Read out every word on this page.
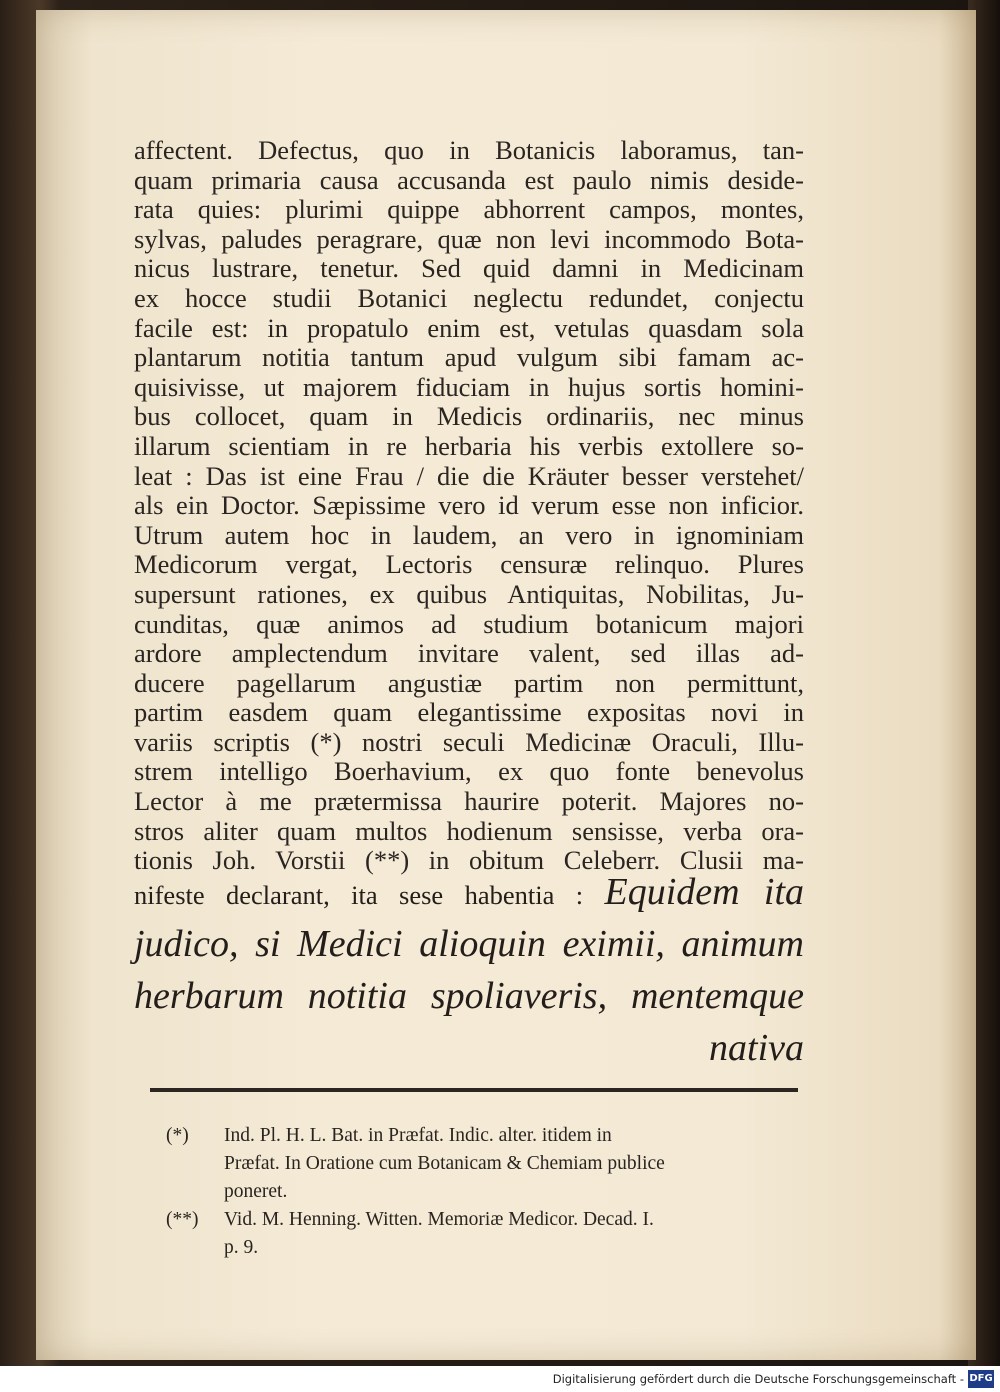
affectent. Defectus, quo in Botanicis laboramus, tan-
quam primaria causa accusanda est paulo nimis deside-
rata quies: plurimi quippe abhorrent campos, montes,
sylvas, paludes peragrare, quæ non levi incommodo Bota-
nicus lustrare, tenetur. Sed quid damni in Medicinam
ex hocce studii Botanici neglectu redundet, conjectu
facile est: in propatulo enim est, vetulas quasdam sola
plantarum notitia tantum apud vulgum sibi famam ac-
quisivisse, ut majorem fiduciam in hujus sortis homini-
bus collocet, quam in Medicis ordinariis, nec minus
illarum scientiam in re herbaria his verbis extollere so-
leat : Das ist eine Frau / die die Kräuter besser verstehet/
als ein Doctor. Sæpissime vero id verum esse non inficior.
Utrum autem hoc in laudem, an vero in ignominiam
Medicorum vergat, Lectoris censuræ relinquo. Plures
supersunt rationes, ex quibus Antiquitas, Nobilitas, Ju-
cunditas, quæ animos ad studium botanicum majori
ardore amplectendum invitare valent, sed illas ad-
ducere pagellarum angustiæ partim non permittunt,
partim easdem quam elegantissime expositas novi in
variis scriptis (*) nostri seculi Medicinæ Oraculi, Illu-
strem intelligo Boerhavium, ex quo fonte benevolus
Lector à me prætermissa haurire poterit. Majores no-
stros aliter quam multos hodienum sensisse, verba ora-
tionis Joh. Vorstii (**) in obitum Celeberr. Clusii ma-
nifeste declarant, ita sese habentia : Equidem ita
judico, si Medici alioquin eximii, animum
herbarum notitia spoliaveris, mentemque
nativa
(*) Ind. Pl. H. L. Bat. in Præfat. Indic. alter. itidem in
Præfat. In Oratione cum Botanicam & Chemiam publice
poneret.
(**) Vid. M. Henning. Witten. Memoriæ Medicor. Decad. I.
p. 9.
Digitalisierung gefördert durch die Deutsche Forschungsgemeinschaft - DFG
